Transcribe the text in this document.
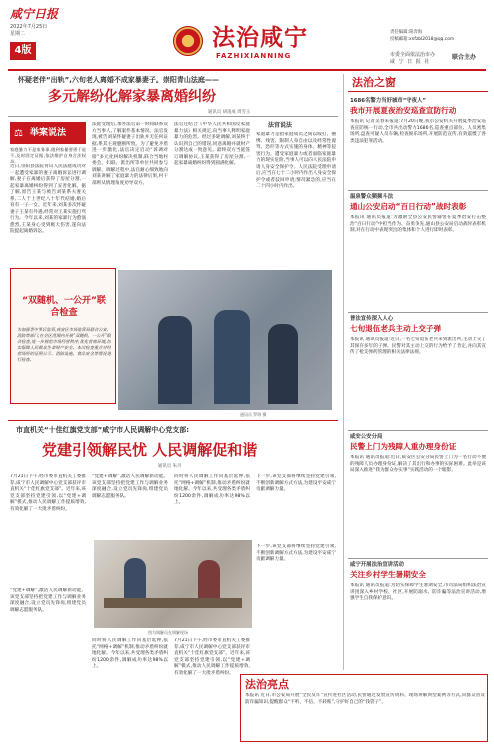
咸宁日报
2022年7月25日
星期二
4版	法治咸宁
FAZHIXIANNING
责任编辑:简奔海
投稿邮箱:xnfzbl2018@qq.com
市委全面依法治市办
咸 宁 日 报 社
联合主办
怀疑老伴“出轨”,六旬老人离婚不成家暴妻子。崇阳青山法庭——
多元解纷化解家暴离婚纠纷
通讯员 胡凌成 周雪玉
⚖ 举案说法
家庭暴力不是家务事,遇到家暴要勇于说不,及时固定证据,依法维护自身合法权益。
近日,崇阳县法院青山人民法庭成功对一起遭受家暴的妻子离婚诉讼进行调解,妻子在离婚后获得了房屋分割,一起家暴离婚纠纷得到了妥善化解。据了解,原告王某与被告刘某系夫妻关系,二人于上世纪八十年代结婚,婚后育有一子一女。近年来,刘某多次怀疑妻子王某有外遇,经常对王某实施打骂行为。今年以来,刘某的家暴行为愈演愈烈,王某身心受到极大伤害,遂向法院提起离婚诉讼。
法庭受理后,承办法官第一时间联系双方当事人,了解案件基本情况。法官发现,被告刘某怀疑妻子出轨并无任何证据,系其主观臆断所致。为了避免矛盾进一步激化,法官决定启动“诉调对接”多元化纠纷解决机制,联合当地村委会、妇联、派出所等单位共同参与调解。调解过程中,法官耐心细致地向刘某讲解了家庭暴力的法律后果,村干部则从情理角度劝导双方。
法官还结合《中华人民共和国反家庭暴力法》相关规定,向当事人释明家庭暴力的危害。经过多轮调解,刘某终于认识到自己的错误,同意离婚并就财产分割达成一致意见。最终双方当庭签订调解协议,王某获得了房屋分割,一起家暴离婚纠纷得到圆满化解。
法官说法
家庭暴力是指家庭成员之间以殴打、捆绑、残害、限制人身自由以及经常性谩骂、恐吓等方式实施的身体、精神等侵害行为。遭受家庭暴力或者面临家庭暴力的现实危险,当事人可以向人民法院申请人身安全保护令。人民法院受理申请后,应当在七十二小时内作出人身安全保护令或者驳回申请;情况紧急的,应当在二十四小时内作出。
“双随机、一公开”联合检查
为加强事中事后监管,咸安区市场监管局联合公安、消防等部门,在全区范围内开展“双随机、一公开”联合检查,进一步规范市场经营秩序,优化营商环境,切实保障人民群众生命财产安全。本次检查重点对经营场所的证照公示、消防设施、食品安全等情况进行检查。
通讯员 罗海 摄
市直机关“十佳红旗党支部”咸宁市人民调解中心党支部:
党建引领解民忧 人民调解促和谐
通讯员 朱丹
7月21日下午,经市委市直机关工委推荐,咸宁市人民调解中心党支部获评市直机关“十佳红旗党支部”。近年来,该党支部坚持党建引领,以“党建+调解”模式,推动人民调解工作提质增效,有效化解了一大批矛盾纠纷。
“党建+调解”,激活人民调解新动能。该党支部坚持把党建工作与调解业务深度融合,设立党员先锋岗,组建党员调解志愿服务队。
同时将人民调解工作向基层延伸,依托“网格+调解”机制,推动矛盾纠纷就地化解。今年以来,共受理各类矛盾纠纷1200余件,调解成功率达98%以上。
下一步,该党支部将继续坚持党建引领,不断创新调解方式方法,为建设平安咸宁贡献调解力量。
图为调解员在调解现场
“党建+调解”,激活人民调解新动能。该党支部坚持把党建工作与调解业务深度融合,设立党员先锋岗,组建党员调解志愿服务队。
同时将人民调解工作向基层延伸,依托“网格+调解”机制,推动矛盾纠纷就地化解。今年以来,共受理各类矛盾纠纷1200余件,调解成功率达98%以上。
7月21日下午,经市委市直机关工委推荐,咸宁市人民调解中心党支部获评市直机关“十佳红旗党支部”。近年来,该党支部坚持党建引领,以“党建+调解”模式,推动人民调解工作提质增效,有效化解了一大批矛盾纠纷。
下一步,该党支部将继续坚持党建引领,不断创新调解方式方法,为建设平安咸宁贡献调解力量。
法治之窗
1686名警力当好城市“守夜人”
我市开展夏夜治安巡查宣防行动
本报讯 记者吴春来报道:7月20日晚,我市公安机关开展夏季治安巡查宣防统一行动,全市共出动警力1686名,巡查重点部位、人员密集场所,盘查可疑人员车辆,检查娱乐场所,开展防范宣传,有效震慑了各类违法犯罪活动。
温泉警众频频斗法
通山公安启动“百日行动”战时表彰
本报讯 通讯员报道:为激励全县公安民警辅警在夏季治安打击整治“百日行动”中担当作为、奋勇争先,通山县公安局启动战时表彰机制,对在行动中表现突出的集体和个人进行即时表彰。
普法宣传深入人心
七旬退伍老兵主动上交子弹
本报讯 通讯员报道:近日,一名七旬退伍老兵来到派出所,主动上交了其保存多年的子弹。民警对其主动上交的行为给予了肯定,并向其宣传了枪支弹药管理的相关法律法规。
咸安公安分局
民警上门为残障人重办理身份证
本报讯 通讯员报道:近日,咸安区公安分局民警上门为一名行动不便的残障人员办理身份证,解决了其出行和办事的实际困难。此举是该局深入推进“我为群众办实事”实践活动的一个缩影。
咸宁开展法治宣讲活动
关注乡村学生暑期安全
本报讯 通讯员报道:为切实保障学生暑期安全,市司法局组织法治宣讲团深入乡村学校、社区,开展防溺水、防诈骗等法治宣讲活动,增强学生自我保护意识。
法治亮点
本报讯 近日,市公安局开展“全民反诈”宣传进社区活动,民警通过发放宣传资料、现场讲解典型案例等方式,向群众普及防诈骗知识,提醒群众“不听、不信、不转账”,守护好自己的“钱袋子”。
